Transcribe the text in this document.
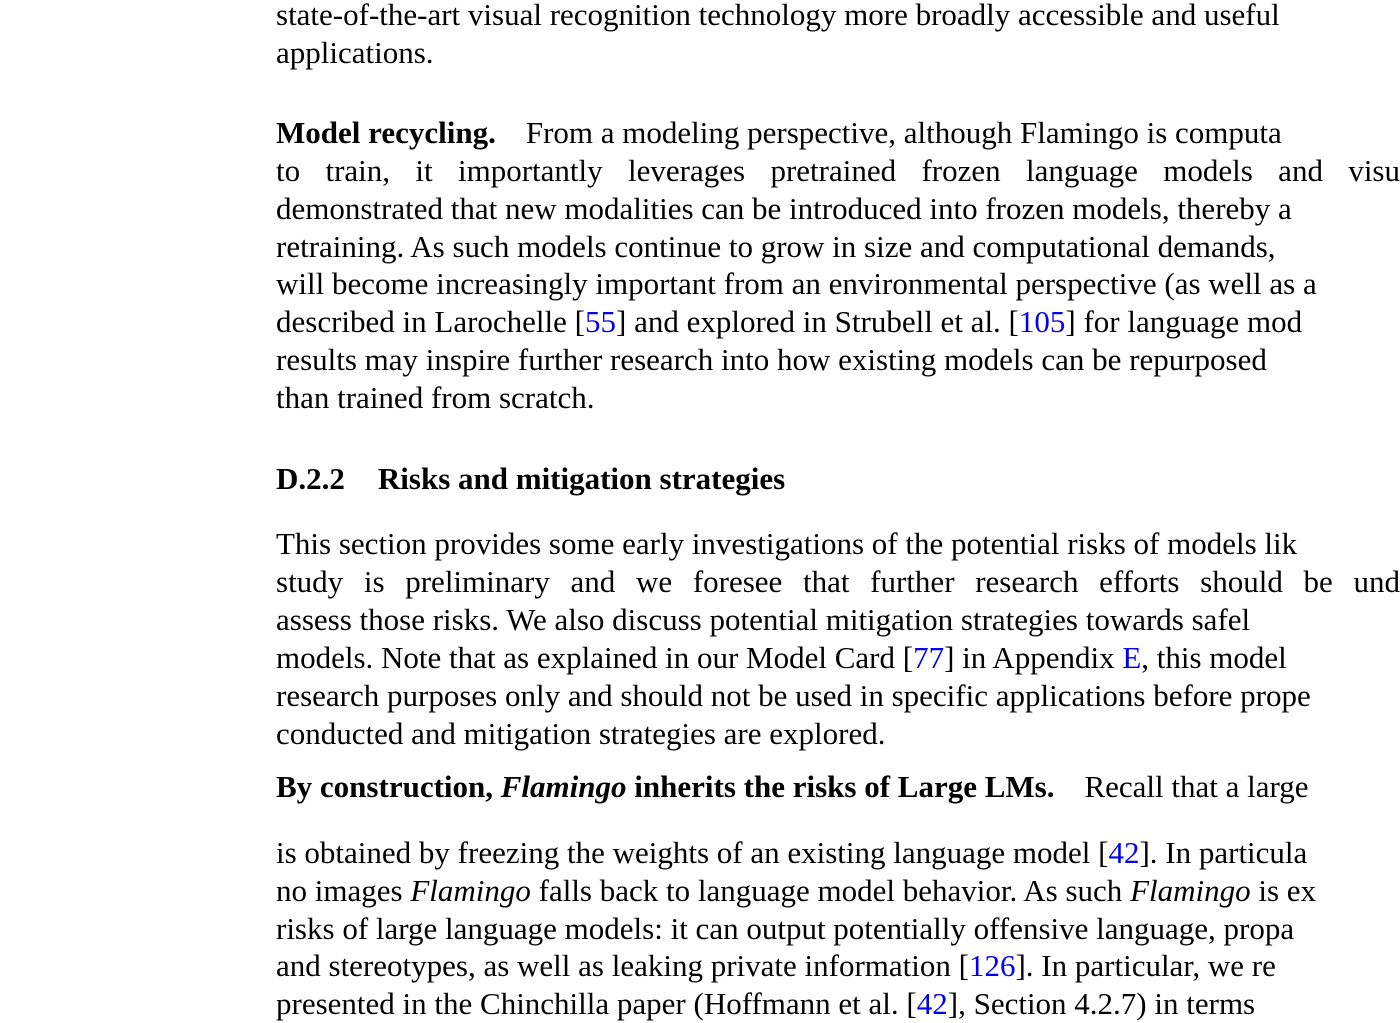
state-of-the-art visual recognition technology more broadly accessible and useful
applications.
Model recycling. From a modeling perspective, although Flamingo is computa
to train, it importantly leverages pretrained frozen language models and visu
demonstrated that new modalities can be introduced into frozen models, thereby a
retraining. As such models continue to grow in size and computational demands,
will become increasingly important from an environmental perspective (as well as a
described in Larochelle [55] and explored in Strubell et al. [105] for language mod
results may inspire further research into how existing models can be repurposed
than trained from scratch.
D.2.2 Risks and mitigation strategies
This section provides some early investigations of the potential risks of models lik
study is preliminary and we foresee that further research efforts should be und
assess those risks. We also discuss potential mitigation strategies towards safel
models. Note that as explained in our Model Card [77] in Appendix E, this model
research purposes only and should not be used in specific applications before prope
conducted and mitigation strategies are explored.
By construction, Flamingo inherits the risks of Large LMs. Recall that a large
is obtained by freezing the weights of an existing language model [42]. In particula
no images Flamingo falls back to language model behavior. As such Flamingo is ex
risks of large language models: it can output potentially offensive language, propa
and stereotypes, as well as leaking private information [126]. In particular, we re
presented in the Chinchilla paper (Hoffmann et al. [42], Section 4.2.7) in terms
